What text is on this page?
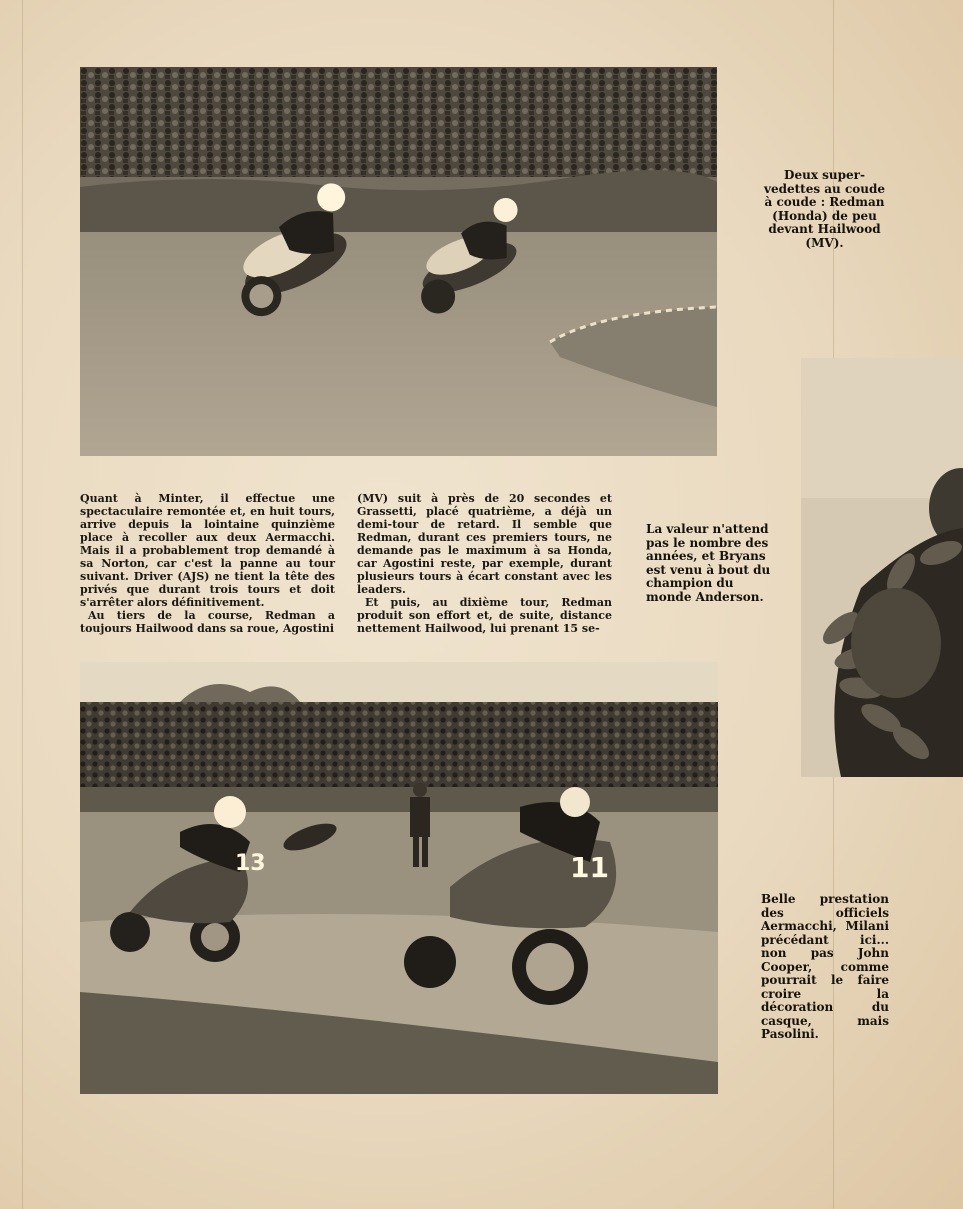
Deux super-vedettes au coude à coude : Redman (Honda) de peu devant Hailwood (MV).
La valeur n'attend pas le nombre des années, et Bryans est venu à bout du champion du monde Anderson.

Quant à Minter, il effectue une spectaculaire remontée et, en huit tours, arrive depuis la lointaine quinzième place à recoller aux deux Aermacchi. Mais il a probablement trop demandé à sa Norton, car c'est la panne au tour suivant. Driver (AJS) ne tient la tête des privés que durant trois tours et doit s'arrêter alors définitivement.

Au tiers de la course, Redman a toujours Hailwood dans sa roue, Agostini

(MV) suit à près de 20 secondes et Grassetti, placé quatrième, a déjà un demi-tour de retard. Il semble que Redman, durant ces premiers tours, ne demande pas le maximum à sa Honda, car Agostini reste, par exemple, durant plusieurs tours à écart constant avec les leaders.

Et puis, au dixième tour, Redman produit son effort et, de suite, distance nettement Hailwood, lui prenant 15 se-

13	11
Belle prestation des officiels Aermacchi, Milani précédant ici... non pas John Cooper, comme pourrait le faire croire la décoration du casque, mais Pasolini.
